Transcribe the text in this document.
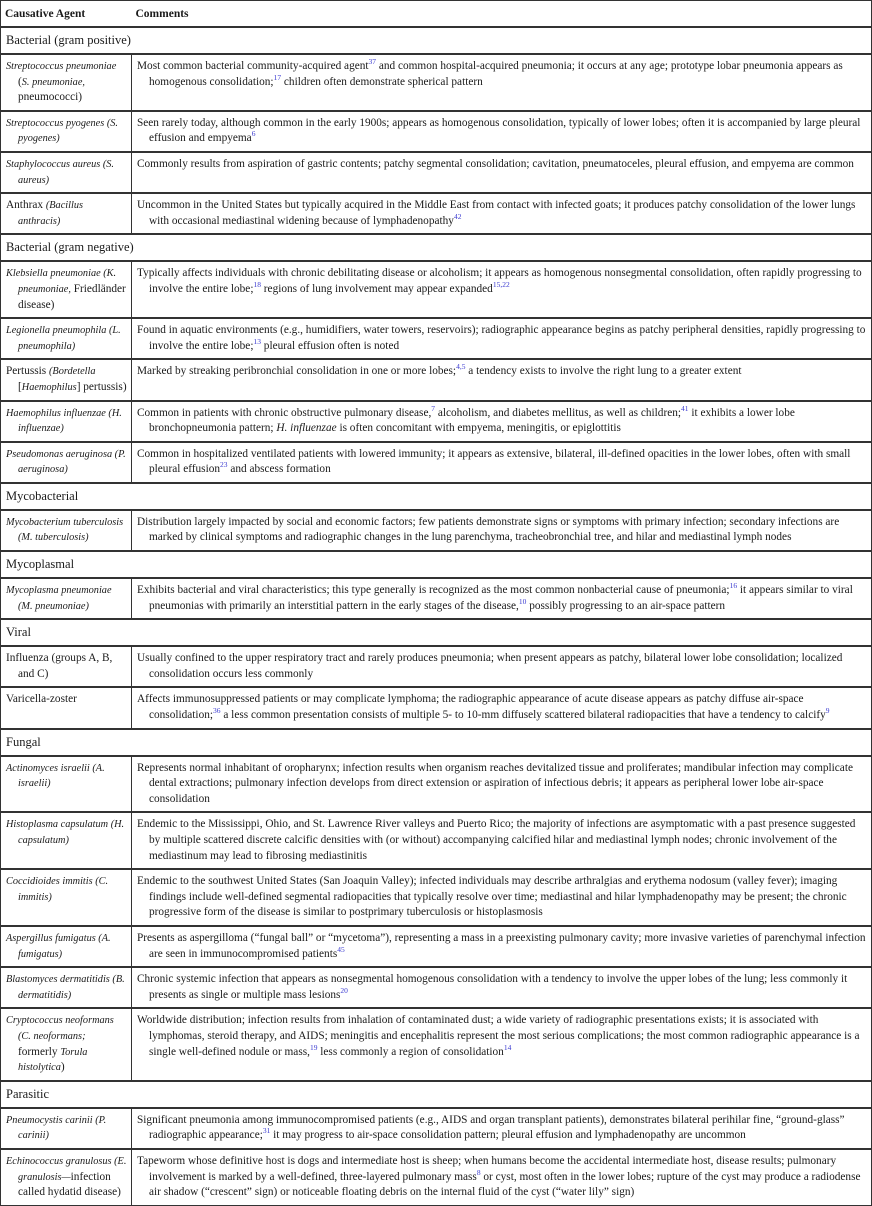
Causative Agent	Comments
Bacterial (gram positive)	

Streptococcus pneumoniae (S. pneumoniae, pneumococci)	Most common bacterial community-acquired agent$^{37}$ and common hospital-acquired pneumonia; it occurs at any age; prototype lobar pneumonia appears as homogenous consolidation;$^{17}$ children often demonstrate spherical pattern

Streptococcus pyogenes (S. pyogenes)	Seen rarely today, although common in the early 1900s; appears as homogenous consolidation, typically of lower lobes; often it is accompanied by large pleural effusion and empyema$^6$

Staphylococcus aureus (S. aureus)	Commonly results from aspiration of gastric contents; patchy segmental consolidation; cavitation, pneumatoceles, pleural effusion, and empyema are common

Anthrax (Bacillus anthracis)	Uncommon in the United States but typically acquired in the Middle East from contact with infected goats; it produces patchy consolidation of the lower lungs with occasional mediastinal widening because of lymphadenopathy$^{42}$

Bacterial (gram negative)	

Klebsiella pneumoniae (K. pneumoniae, Friedländer disease)	Typically affects individuals with chronic debilitating disease or alcoholism; it appears as homogenous nonsegmental consolidation, often rapidly progressing to involve the entire lobe;$^{18}$ regions of lung involvement may appear expanded$^{15,22}$

Legionella pneumophila (L. pneumophila)	Found in aquatic environments (e.g., humidifiers, water towers, reservoirs); radiographic appearance begins as patchy peripheral densities, rapidly progressing to involve the entire lobe;$^{13}$ pleural effusion often is noted

Pertussis (Bordetella [Haemophilus] pertussis)	Marked by streaking peribronchial consolidation in one or more lobes;$^{4,5}$ a tendency exists to involve the right lung to a greater extent

Haemophilus influenzae (H. influenzae)	Common in patients with chronic obstructive pulmonary disease,$^7$ alcoholism, and diabetes mellitus, as well as children;$^{41}$ it exhibits a lower lobe bronchopneumonia pattern; H. influenzae is often concomitant with empyema, meningitis, or epiglottitis

Pseudomonas aeruginosa (P. aeruginosa)	Common in hospitalized ventilated patients with lowered immunity; it appears as extensive, bilateral, ill-defined opacities in the lower lobes, often with small pleural effusion$^{23}$ and abscess formation

Mycobacterial	

Mycobacterium tuberculosis (M. tuberculosis)	Distribution largely impacted by social and economic factors; few patients demonstrate signs or symptoms with primary infection; secondary infections are marked by clinical symptoms and radiographic changes in the lung parenchyma, tracheobronchial tree, and hilar and mediastinal lymph nodes

Mycoplasmal	

Mycoplasma pneumoniae (M. pneumoniae)	Exhibits bacterial and viral characteristics; this type generally is recognized as the most common nonbacterial cause of pneumonia;$^{16}$ it appears similar to viral pneumonias with primarily an interstitial pattern in the early stages of the disease,$^{10}$ possibly progressing to an air-space pattern

Viral	

Influenza (groups A, B, and C)	Usually confined to the upper respiratory tract and rarely produces pneumonia; when present appears as patchy, bilateral lower lobe consolidation; localized consolidation occurs less commonly

Varicella-zoster	Affects immunosuppressed patients or may complicate lymphoma; the radiographic appearance of acute disease appears as patchy diffuse air-space consolidation;$^{36}$ a less common presentation consists of multiple 5- to 10-mm diffusely scattered bilateral radiopacities that have a tendency to calcify$^9$

Fungal	

Actinomyces israelii (A. israelii)	Represents normal inhabitant of oropharynx; infection results when organism reaches devitalized tissue and proliferates; mandibular infection may complicate dental extractions; pulmonary infection develops from direct extension or aspiration of infectious debris; it appears as peripheral lower lobe air-space consolidation

Histoplasma capsulatum (H. capsulatum)	Endemic to the Mississippi, Ohio, and St. Lawrence River valleys and Puerto Rico; the majority of infections are asymptomatic with a past presence suggested by multiple scattered discrete calcific densities with (or without) accompanying calcified hilar and mediastinal lymph nodes; chronic involvement of the mediastinum may lead to fibrosing mediastinitis

Coccidioides immitis (C. immitis)	Endemic to the southwest United States (San Joaquin Valley); infected individuals may describe arthralgias and erythema nodosum (valley fever); imaging findings include well-defined segmental radiopacities that typically resolve over time; mediastinal and hilar lymphadenopathy may be present; the chronic progressive form of the disease is similar to postprimary tuberculosis or histoplasmosis

Aspergillus fumigatus (A. fumigatus)	Presents as aspergilloma (“fungal ball” or “mycetoma”), representing a mass in a preexisting pulmonary cavity; more invasive varieties of parenchymal infection are seen in immunocompromised patients$^{45}$

Blastomyces dermatitidis (B. dermatitidis)	Chronic systemic infection that appears as nonsegmental homogenous consolidation with a tendency to involve the upper lobes of the lung; less commonly it presents as single or multiple mass lesions$^{20}$

Cryptococcus neoformans (C. neoformans; formerly Torula histolytica)	Worldwide distribution; infection results from inhalation of contaminated dust; a wide variety of radiographic presentations exists; it is associated with lymphomas, steroid therapy, and AIDS; meningitis and encephalitis represent the most serious complications; the most common radiographic appearance is a single well-defined nodule or mass,$^{19}$ less commonly a region of consolidation$^{14}$

Parasitic	

Pneumocystis carinii (P. carinii)	Significant pneumonia among immunocompromised patients (e.g., AIDS and organ transplant patients), demonstrates bilateral perihilar fine, “ground-glass” radiographic appearance;$^{31}$ it may progress to air-space consolidation pattern; pleural effusion and lymphadenopathy are uncommon

Echinococcus granulosus (E. granulosis—infection called hydatid disease)	Tapeworm whose definitive host is dogs and intermediate host is sheep; when humans become the accidental intermediate host, disease results; pulmonary involvement is marked by a well-defined, three-layered pulmonary mass$^8$ or cyst, most often in the lower lobes; rupture of the cyst may produce a radiodense air shadow (“crescent” sign) or noticeable floating debris on the internal fluid of the cyst (“water lily” sign)
